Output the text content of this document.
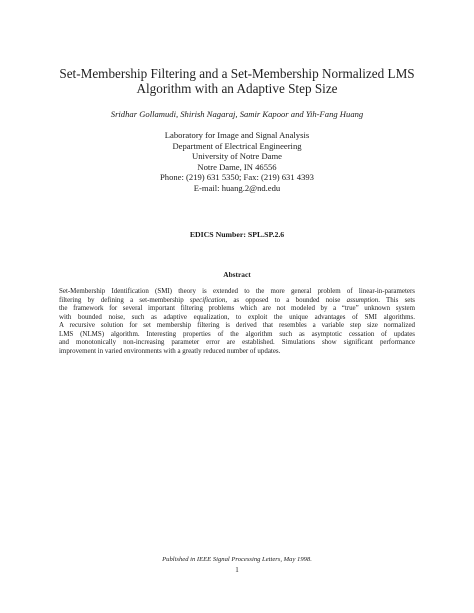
Set-Membership Filtering and a Set-Membership Normalized LMS
Algorithm with an Adaptive Step Size
Sridhar Gollamudi, Shirish Nagaraj, Samir Kapoor and Yih-Fang Huang
Laboratory for Image and Signal Analysis
Department of Electrical Engineering
University of Notre Dame
Notre Dame, IN 46556
Phone: (219) 631 5350; Fax: (219) 631 4393
E-mail: huang.2@nd.edu
EDICS Number: SPL.SP.2.6
Abstract
Set-Membership Identification (SMI) theory is extended to the more general problem of linear-in-parameters
filtering by defining a set-membership specification, as opposed to a bounded noise assumption. This sets
the framework for several important filtering problems which are not modeled by a “true” unknown system
with bounded noise, such as adaptive equalization, to exploit the unique advantages of SMI algorithms.
A recursive solution for set membership filtering is derived that resembles a variable step size normalized
LMS (NLMS) algorithm. Interesting properties of the algorithm such as asymptotic cessation of updates
and monotonically non-increasing parameter error are established. Simulations show significant performance
improvement in varied environments with a greatly reduced number of updates.
Published in IEEE Signal Processing Letters, May 1998.
1
